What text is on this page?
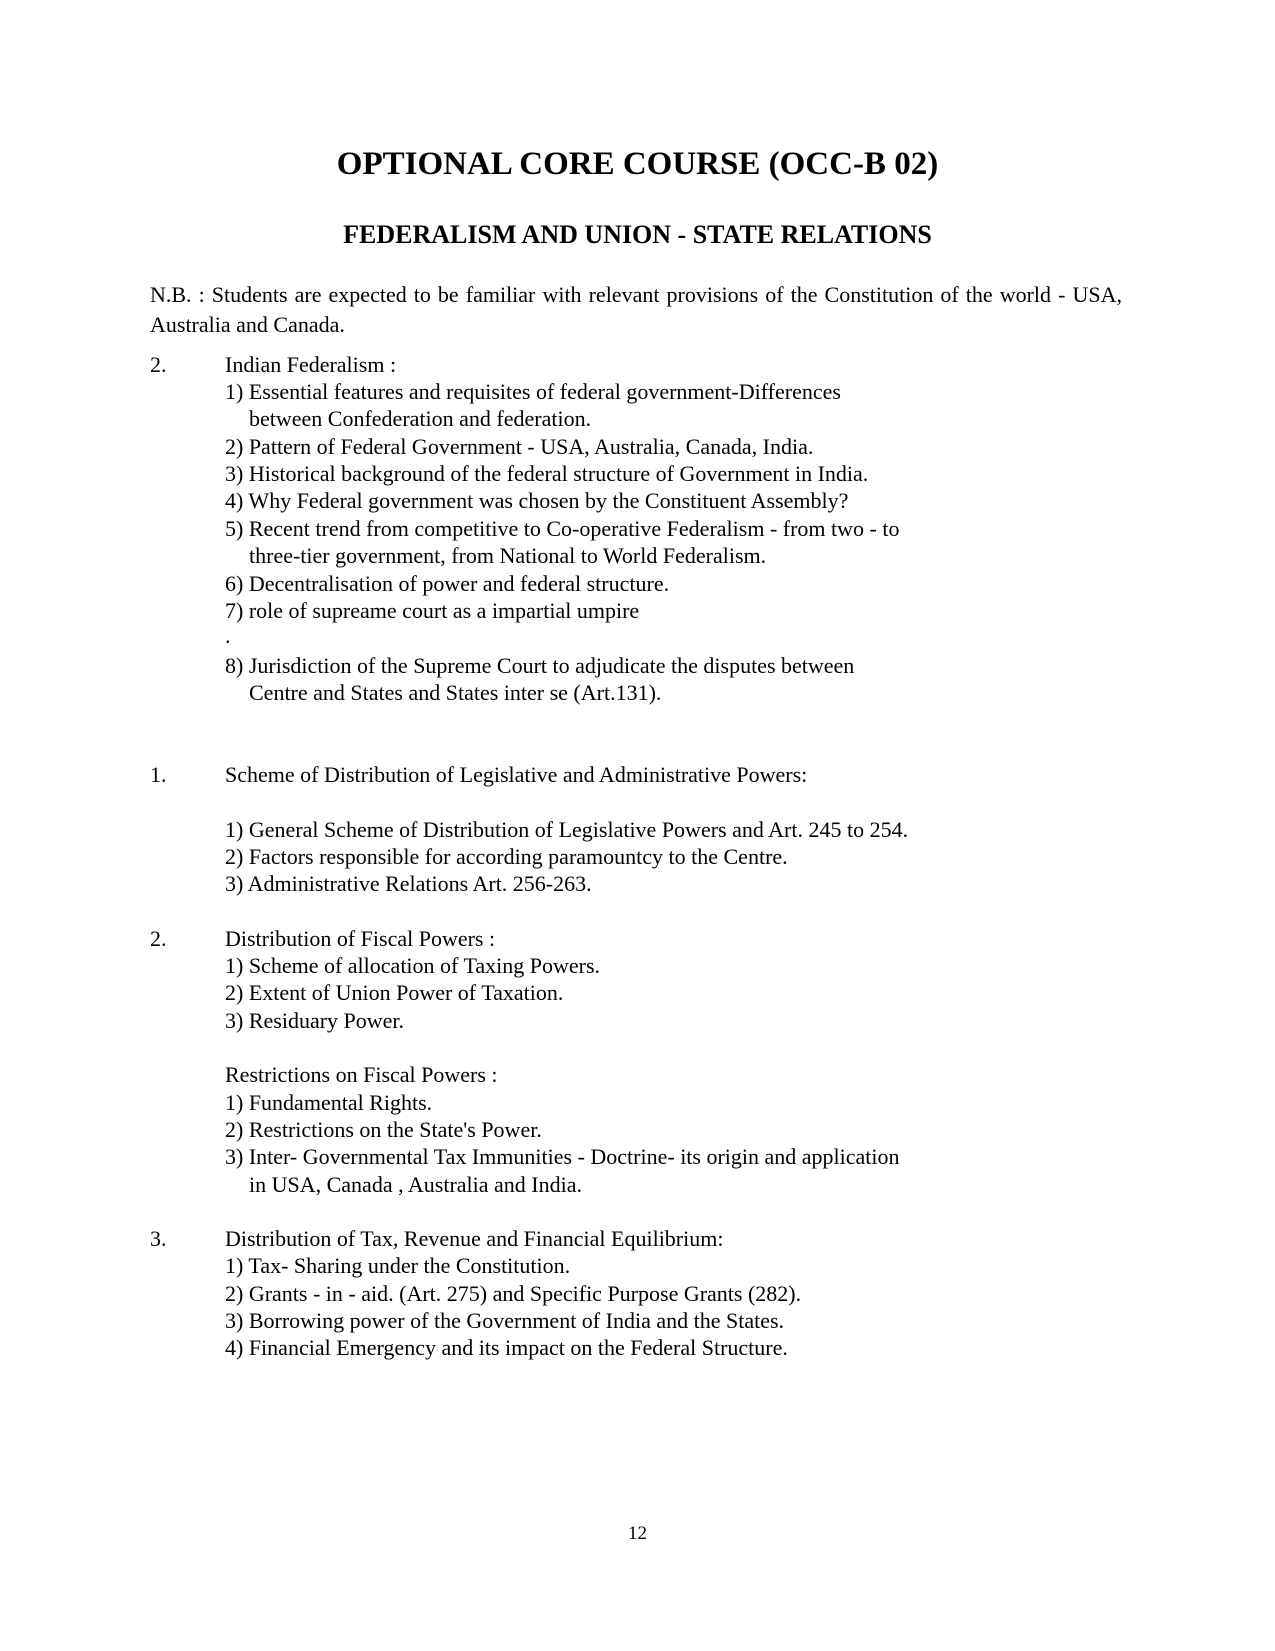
OPTIONAL CORE COURSE (OCC-B 02)
FEDERALISM AND UNION - STATE RELATIONS

N.B. : Students are expected to be familiar with relevant provisions of the Constitution of the world - USA, Australia and Canada.

2.	Indian Federalism :

1) Essential features and requisites of federal government-Differences

between Confederation and federation.

2) Pattern of Federal Government - USA, Australia, Canada, India.

3) Historical background of the federal structure of Government in India.

4) Why Federal government was chosen by the Constituent Assembly?

5) Recent trend from competitive to Co-operative Federalism - from two - to

three-tier government, from National to World Federalism.

6) Decentralisation of power and federal structure.

7) role of supreame court as a impartial umpire

.

8) Jurisdiction of the Supreme Court to adjudicate the disputes between

Centre and States and States inter se (Art.131).

1.	Scheme of Distribution of Legislative and Administrative Powers:

1) General Scheme of Distribution of Legislative Powers and Art. 245 to 254.

2) Factors responsible for according paramountcy to the Centre.

3) Administrative Relations Art. 256-263.

2.	Distribution of Fiscal Powers :

1) Scheme of allocation of Taxing Powers.

2) Extent of Union Power of Taxation.

3) Residuary Power.

Restrictions on Fiscal Powers :

1) Fundamental Rights.

2) Restrictions on the State's Power.

3) Inter- Governmental Tax Immunities - Doctrine- its origin and application

in USA, Canada , Australia and India.

3.	Distribution of Tax, Revenue and Financial Equilibrium:

1) Tax- Sharing under the Constitution.

2) Grants - in - aid. (Art. 275) and Specific Purpose Grants (282).

3) Borrowing power of the Government of India and the States.

4) Financial Emergency and its impact on the Federal Structure.

12
